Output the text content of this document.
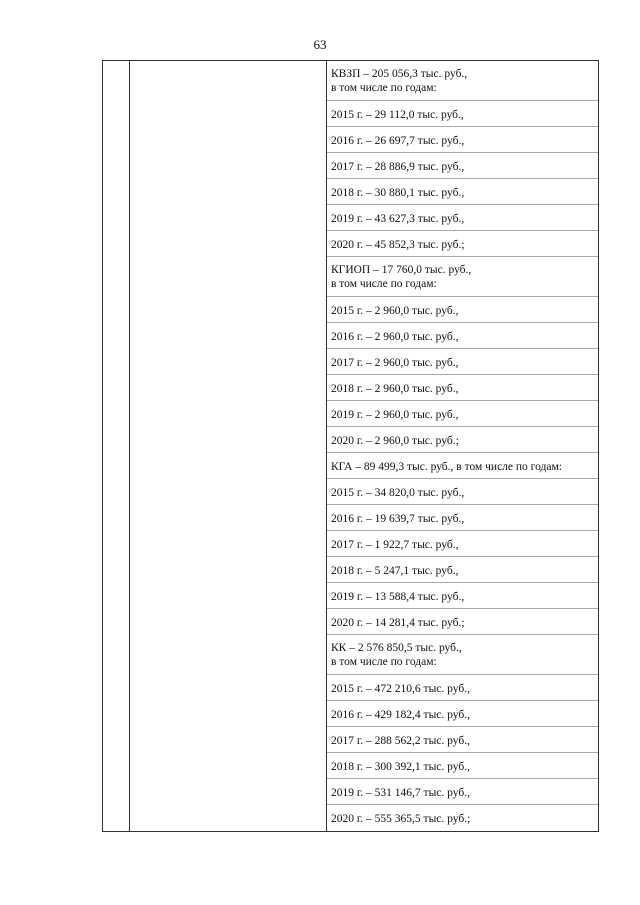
63

КВЗП – 205 056,3 тыс. руб.,
в том числе по годам:
2015 г. – 29 112,0 тыс. руб.,
2016 г. – 26 697,7 тыс. руб.,
2017 г. – 28 886,9 тыс. руб.,
2018 г. – 30 880,1 тыс. руб.,
2019 г. – 43 627,3 тыс. руб.,
2020 г. – 45 852,3 тыс. руб.;
КГИОП – 17 760,0 тыс. руб.,
в том числе по годам:
2015 г. – 2 960,0 тыс. руб.,
2016 г. – 2 960,0 тыс. руб.,
2017 г. – 2 960,0 тыс. руб.,
2018 г. – 2 960,0 тыс. руб.,
2019 г. – 2 960,0 тыс. руб.,
2020 г. – 2 960,0 тыс. руб.;
КГА – 89 499,3 тыс. руб., в том числе по годам:
2015 г. – 34 820,0 тыс. руб.,
2016 г. – 19 639,7 тыс. руб.,
2017 г. – 1 922,7 тыс. руб.,
2018 г. – 5 247,1 тыс. руб.,
2019 г. – 13 588,4 тыс. руб.,
2020 г. – 14 281,4 тыс. руб.;
КК – 2 576 850,5 тыс. руб.,
в том числе по годам:
2015 г. – 472 210,6 тыс. руб.,
2016 г. – 429 182,4 тыс. руб.,
2017 г. – 288 562,2 тыс. руб.,
2018 г. – 300 392,1 тыс. руб.,
2019 г. – 531 146,7 тыс. руб.,
2020 г. – 555 365,5 тыс. руб.;
